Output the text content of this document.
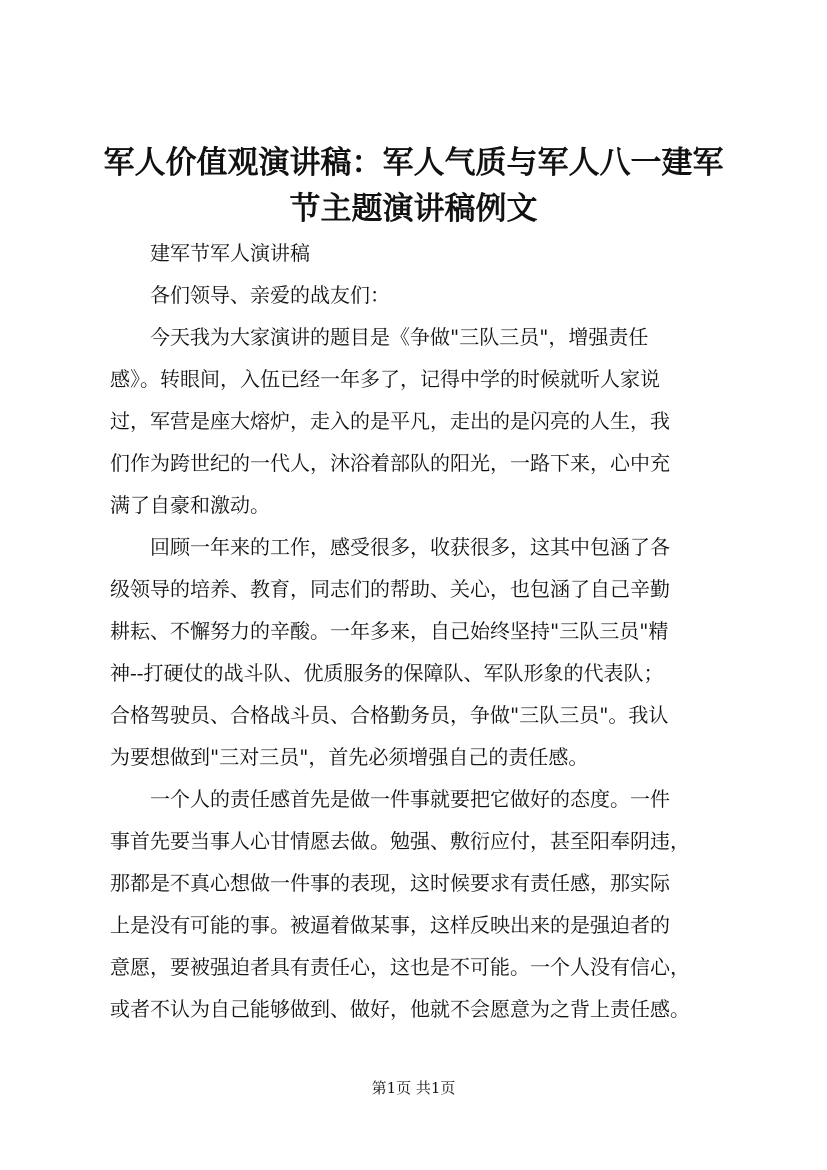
军人价值观演讲稿：军人气质与军人八一建军
节主题演讲稿例文

建军节军人演讲稿

各们领导、亲爱的战友们：

今天我为大家演讲的题目是《争做"三队三员"，增强责任
感》。转眼间，入伍已经一年多了，记得中学的时候就听人家说
过，军营是座大熔炉，走入的是平凡，走出的是闪亮的人生，我
们作为跨世纪的一代人，沐浴着部队的阳光，一路下来，心中充
满了自豪和激动。

回顾一年来的工作，感受很多，收获很多，这其中包涵了各
级领导的培养、教育，同志们的帮助、关心，也包涵了自己辛勤
耕耘、不懈努力的辛酸。一年多来，自己始终坚持"三队三员"精
神--打硬仗的战斗队、优质服务的保障队、军队形象的代表队；
合格驾驶员、合格战斗员、合格勤务员，争做"三队三员"。我认
为要想做到"三对三员"，首先必须增强自己的责任感。

一个人的责任感首先是做一件事就要把它做好的态度。一件
事首先要当事人心甘情愿去做。勉强、敷衍应付，甚至阳奉阴违，
那都是不真心想做一件事的表现，这时候要求有责任感，那实际
上是没有可能的事。被逼着做某事，这样反映出来的是强迫者的
意愿，要被强迫者具有责任心，这也是不可能。一个人没有信心，
或者不认为自己能够做到、做好，他就不会愿意为之背上责任感。

第1页 共1页
